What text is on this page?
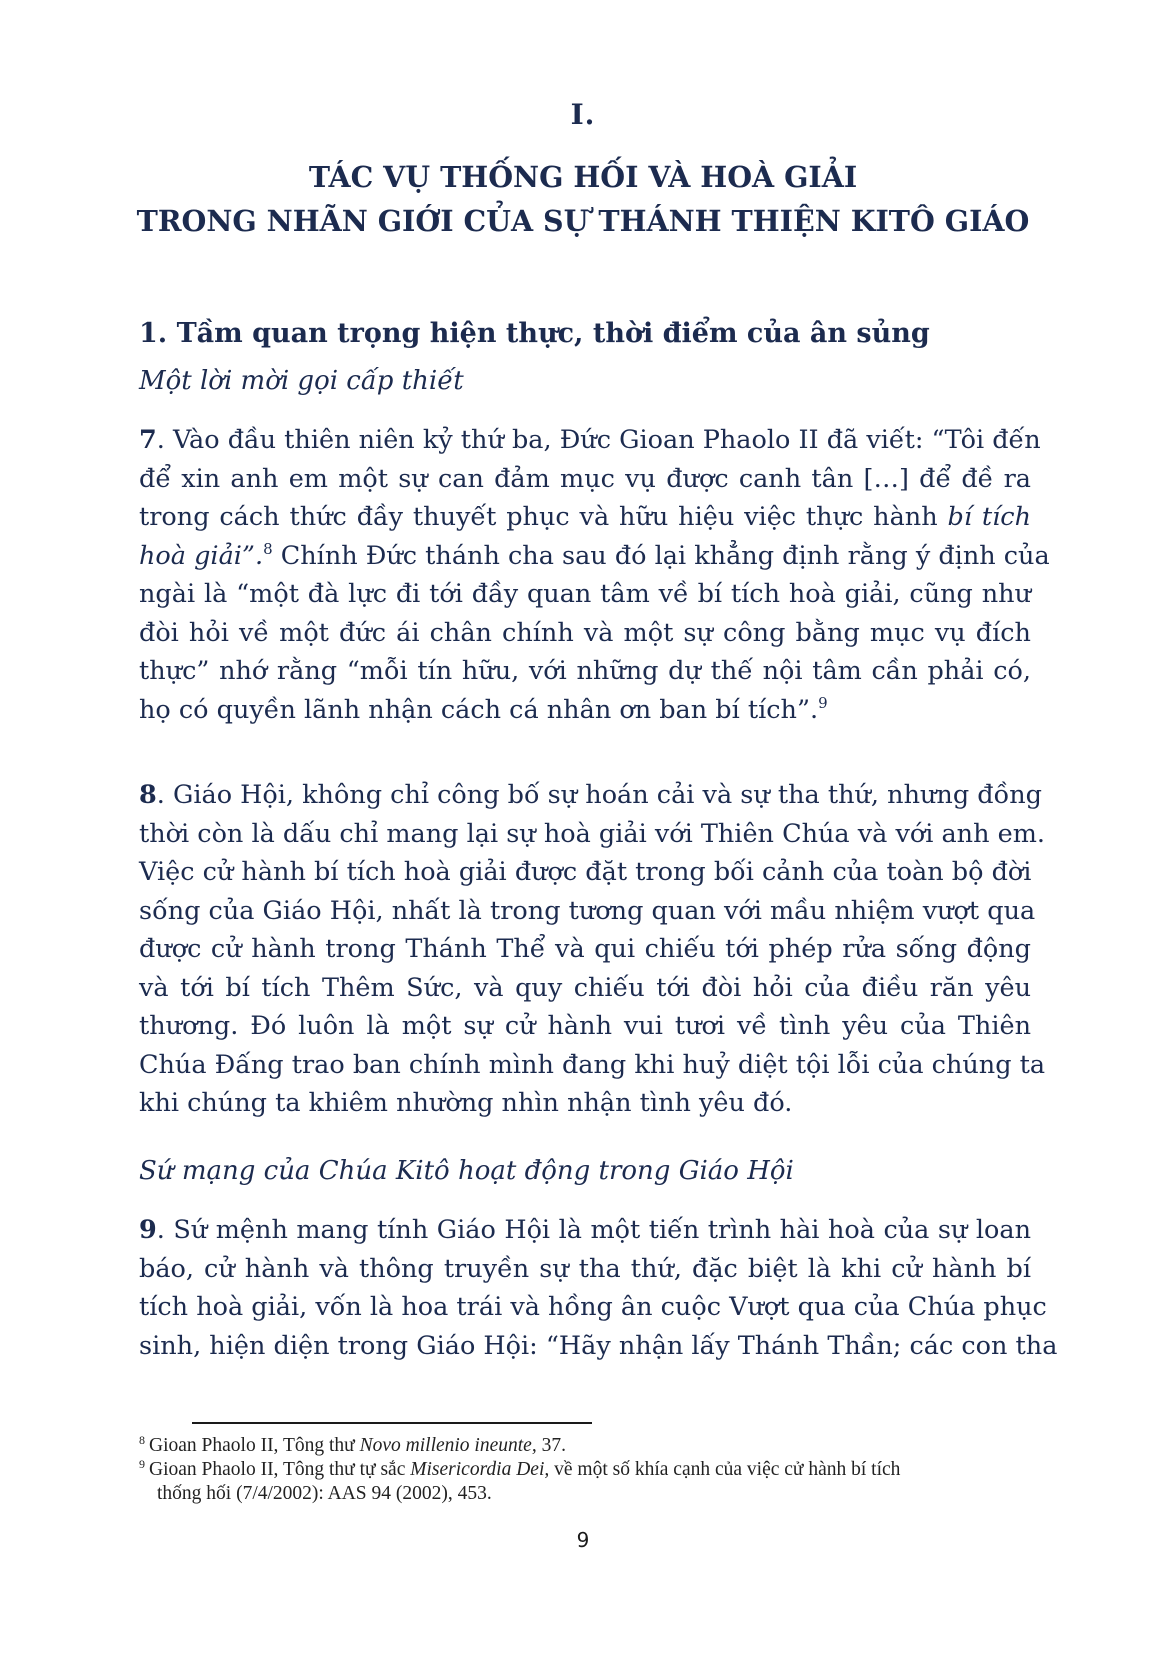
I.
TÁC VỤ THỐNG HỐI VÀ HOÀ GIẢI
TRONG NHÃN GIỚI CỦA SỰ THÁNH THIỆN KITÔ GIÁO
1. Tầm quan trọng hiện thực, thời điểm của ân sủng

Một lời mời gọi cấp thiết

7. Vào đầu thiên niên kỷ thứ ba, Đức Gioan Phaolo II đã viết: “Tôi đến
để xin anh em một sự can đảm mục vụ được canh tân […] để đề ra
trong cách thức đầy thuyết phục và hữu hiệu việc thực hành bí tích
hoà giải”.$^8$ Chính Đức thánh cha sau đó lại khẳng định rằng ý định của
ngài là “một đà lực đi tới đầy quan tâm về bí tích hoà giải, cũng như
đòi hỏi về một đức ái chân chính và một sự công bằng mục vụ đích
thực” nhớ rằng “mỗi tín hữu, với những dự thế nội tâm cần phải có,
họ có quyền lãnh nhận cách cá nhân ơn ban bí tích”.$^9$
8. Giáo Hội, không chỉ công bố sự hoán cải và sự tha thứ, nhưng đồng
thời còn là dấu chỉ mang lại sự hoà giải với Thiên Chúa và với anh em.
Việc cử hành bí tích hoà giải được đặt trong bối cảnh của toàn bộ đời
sống của Giáo Hội, nhất là trong tương quan với mầu nhiệm vượt qua
được cử hành trong Thánh Thể và qui chiếu tới phép rửa sống động
và tới bí tích Thêm Sức, và quy chiếu tới đòi hỏi của điều răn yêu
thương. Đó luôn là một sự cử hành vui tươi về tình yêu của Thiên
Chúa Đấng trao ban chính mình đang khi huỷ diệt tội lỗi của chúng ta
khi chúng ta khiêm nhường nhìn nhận tình yêu đó.

Sứ mạng của Chúa Kitô hoạt động trong Giáo Hội

9. Sứ mệnh mang tính Giáo Hội là một tiến trình hài hoà của sự loan
báo, cử hành và thông truyền sự tha thứ, đặc biệt là khi cử hành bí
tích hoà giải, vốn là hoa trái và hồng ân cuộc Vượt qua của Chúa phục
sinh, hiện diện trong Giáo Hội: “Hãy nhận lấy Thánh Thần; các con tha

$^8$ Gioan Phaolo II, Tông thư Novo millenio ineunte, 37.

$^9$ Gioan Phaolo II, Tông thư tự sắc Misericordia Dei, về một số khía cạnh của việc cử hành bí tích
thống hối (7/4/2002): AAS 94 (2002), 453.

9
